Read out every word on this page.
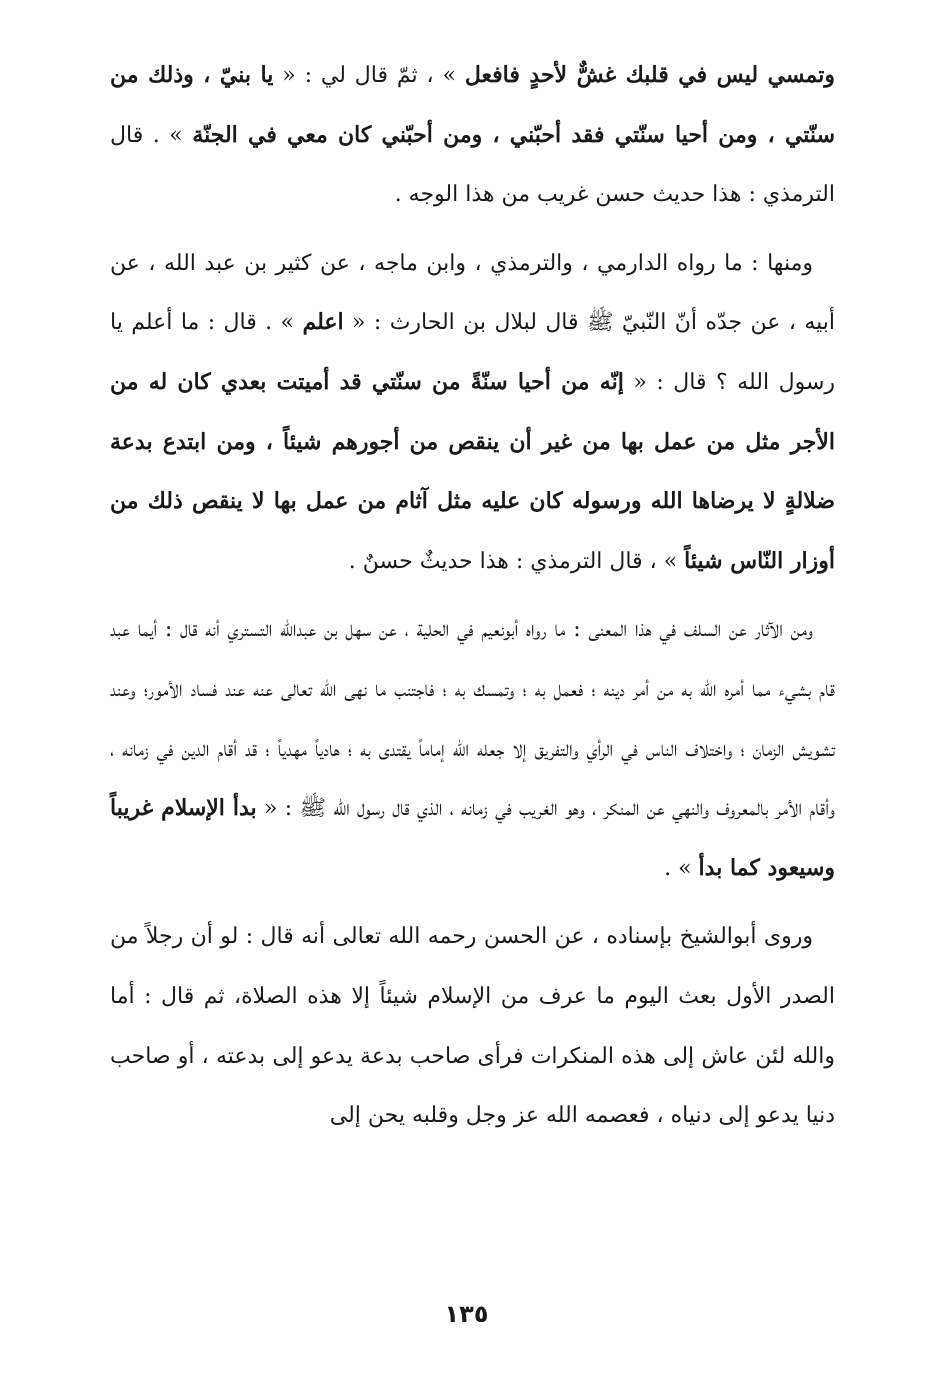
وتمسي ليس في قلبك غشٌّ لأحدٍ فافعل » ، ثمّ قال لي : « يا بنيّ ، وذلك من سنّتي ، ومن أحيا سنّتي فقد أحبّني ، ومن أحبّني كان معي في الجنّة » . قال الترمذي : هذا حديث حسن غريب من هذا الوجه .

ومنها : ما رواه الدارمي ، والترمذي ، وابن ماجه ، عن كثير بن عبد الله ، عن أبيه ، عن جدّه أنّ النّبيّ ﷺ قال لبلال بن الحارث : « اعلم » . قال : ما أعلم يا رسول الله ؟ قال : « إنّه من أحيا سنّةً من سنّتي قد أميتت بعدي كان له من الأجر مثل من عمل بها من غير أن ينقص من أجورهم شيئاً ، ومن ابتدع بدعة ضلالةٍ لا يرضاها الله ورسوله كان عليه مثل آثام من عمل بها لا ينقص ذلك من أوزار النّاس شيئاً » ، قال الترمذي : هذا حديثٌ حسنٌ .

ومن الآثار عن السلف في هذا المعنى : ما رواه أبونعيم في الحلية ، عن سهل بن عبدالله التستري أنه قال : أيما عبد قام بشيء مما أمره الله به من أمر دينه ؛ فعمل به ؛ وتمسك به ؛ فاجتنب ما نهى الله تعالى عنه عند فساد الأمور؛ وعند تشويش الزمان ؛ واختلاف الناس في الرأي والتفريق إلا جعله الله إماماً يقتدى به ؛ هادياً مهدياً ؛ قد أقام الدين في زمانه ، وأقام الأمر بالمعروف والنهي عن المنكر ، وهو الغريب في زمانه ، الذي قال رسول الله ﷺ : « بدأ الإسلام غريباً وسيعود كما بدأ » .

وروى أبوالشيخ بإسناده ، عن الحسن رحمه الله تعالى أنه قال : لو أن رجلاً من الصدر الأول بعث اليوم ما عرف من الإسلام شيئاً إلا هذه الصلاة، ثم قال : أما والله لئن عاش إلى هذه المنكرات فرأى صاحب بدعة يدعو إلى بدعته ، أو صاحب دنيا يدعو إلى دنياه ، فعصمه الله عز وجل وقلبه يحن إلى

١٣٥
